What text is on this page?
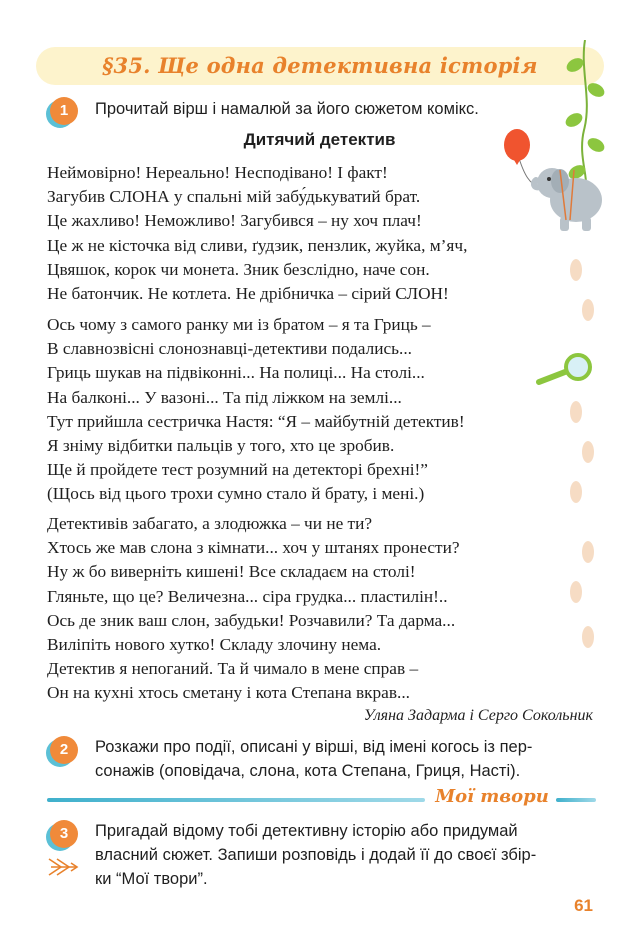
§35. Ще одна детективна історія
1	Прочитай вірш і намалюй за його сюжетом комікс.
Дитячий детектив
Неймовірно! Нереально! Несподівано! І факт!
Загубив СЛОНА у спальні мій забу́дькуватий брат.
Це жахливо! Неможливо! Загубився – ну хоч плач!
Це ж не кісточка від сливи, ґудзик, пензлик, жуйка, м’яч,
Цвяшок, корок чи монета. Зник безслідно, наче сон.
Не батончик. Не котлета. Не дрібничка – сірий СЛОН!
Ось чому з самого ранку ми із братом – я та Гриць –
В славнозвісні слонознавці-детективи подались...
Гриць шукав на підвіконні... На полиці... На столі...
На балконі... У вазоні... Та під ліжком на землі...
Тут прийшла сестричка Настя: “Я – майбутній детектив!
Я зніму відбитки пальців у того, хто це зробив.
Ще й пройдете тест розумний на детекторі брехні!”
(Щось від цього трохи сумно стало й брату, і мені.)
Детективів забагато, а злодюжка – чи не ти?
Хтось же мав слона з кімнати... хоч у штанях пронести?
Ну ж бо виверніть кишені! Все складаєм на столі!
Гляньте, що це? Величезна... сіра грудка... пластилін!..
Ось де зник ваш слон, забудьки! Розчавили? Та дарма...
Виліпіть нового хутко! Складу злочину нема.
Детектив я непоганий. Та й чимало в мене справ –
Он на кухні хтось сметану і кота Степана вкрав...
Уляна Задарма і Серго Сокольник
2	Розкажи про події, описані у вірші, від імені когось із пер-
сонажів (оповідача, слона, кота Степана, Гриця, Насті).
Мої твори
3	Пригадай відому тобі детективну історію або придумай
власний сюжет. Запиши розповідь і додай її до своєї збір-
ки “Мої твори”.
61
